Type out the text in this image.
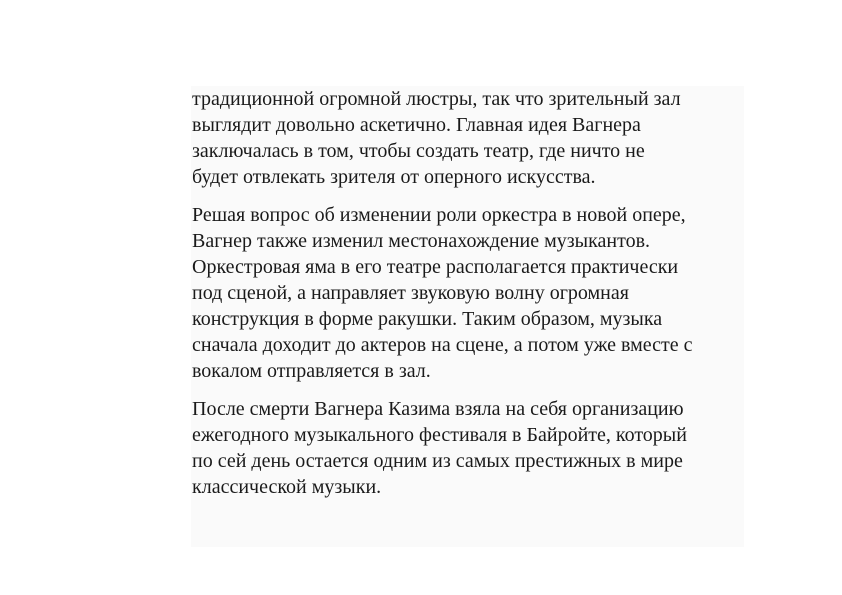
традиционной огромной люстры, так что зрительный зал
выглядит довольно аскетично. Главная идея Вагнера
заключалась в том, чтобы создать театр, где ничто не
будет отвлекать зрителя от оперного искусства.

Решая вопрос об изменении роли оркестра в новой опере,
Вагнер также изменил местонахождение музыкантов.
Оркестровая яма в его театре располагается практически
под сценой, а направляет звуковую волну огромная
конструкция в форме ракушки. Таким образом, музыка
сначала доходит до актеров на сцене, а потом уже вместе с
вокалом отправляется в зал.

После смерти Вагнера Казима взяла на себя организацию
ежегодного музыкального фестиваля в Байройте, который
по сей день остается одним из самых престижных в мире
классической музыки.
